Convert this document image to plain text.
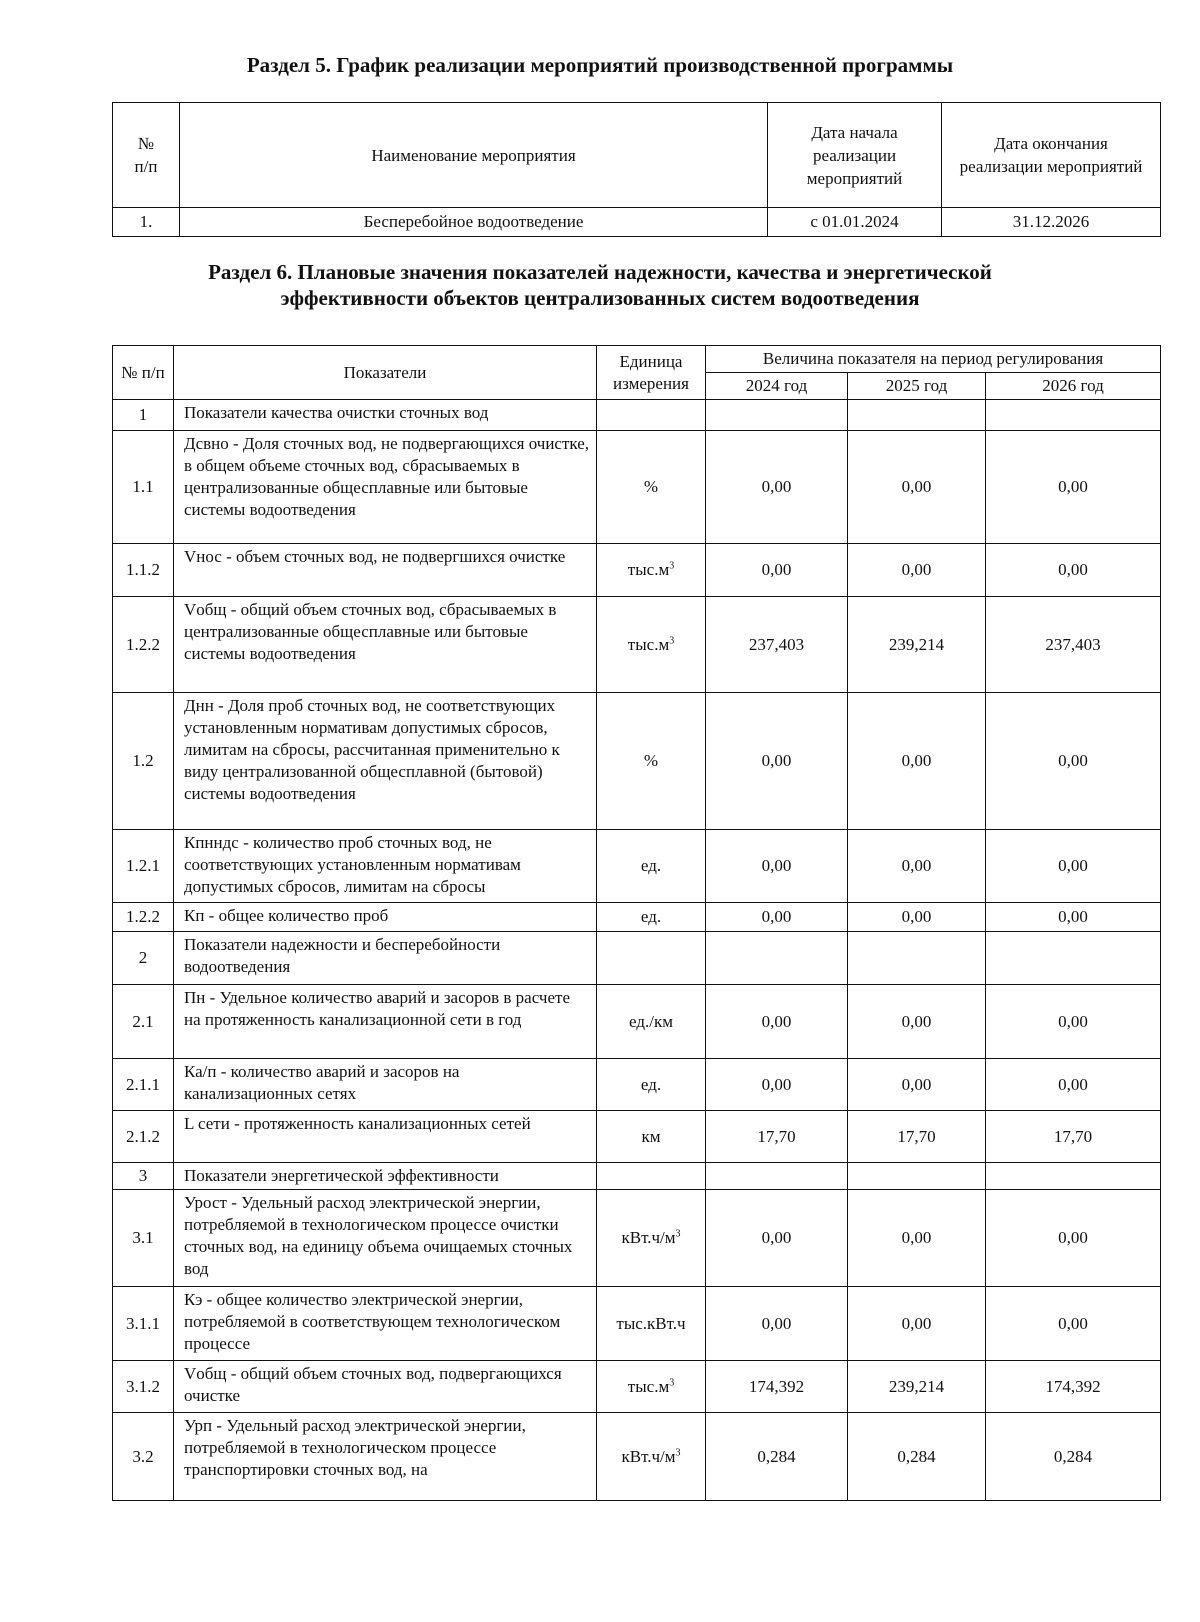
Раздел 5. График реализации мероприятий производственной программы
№ п/п	Наименование мероприятия	Дата начала реализации мероприятий	Дата окончания реализации мероприятий
1.	Бесперебойное водоотведение	с 01.01.2024	31.12.2026
Раздел 6. Плановые значения показателей надежности, качества и энергетической
эффективности объектов централизованных систем водоотведения
№ п/п	Показатели	Единица измерения	Величина показателя на период регулирования		
			2024 год	2025 год	2026 год
1	Показатели качества очистки сточных вод				
1.1	Дсвно - Доля сточных вод, не подвергающихся очистке, в общем объеме сточных вод, сбрасываемых в централизованные общесплавные или бытовые системы водоотведения	%	0,00	0,00	0,00
1.1.2	Vнос - объем сточных вод, не подвергшихся очистке	$тыс.м^3$	0,00	0,00	0,00
1.2.2	Vобщ - общий объем сточных вод, сбрасываемых в централизованные общесплавные или бытовые системы водоотведения	$тыс.м^3$	237,403	239,214	237,403
1.2	Днн - Доля проб сточных вод, не соответствующих установленным нормативам допустимых сбросов, лимитам на сбросы, рассчитанная применительно к виду централизованной общесплавной (бытовой) системы водоотведения	%	0,00	0,00	0,00
1.2.1	Кпнндс - количество проб сточных вод, не соответствующих установленным нормативам допустимых сбросов, лимитам на сбросы	ед.	0,00	0,00	0,00
1.2.2	Кп - общее количество проб	ед.	0,00	0,00	0,00
2	Показатели надежности и бесперебойности водоотведения				
2.1	Пн - Удельное количество аварий и засоров в расчете на протяженность канализационной сети в год	ед./км	0,00	0,00	0,00
2.1.1	Ка/п - количество аварий и засоров на канализационных сетях	ед.	0,00	0,00	0,00
2.1.2	L сети - протяженность канализационных сетей	км	17,70	17,70	17,70
3	Показатели энергетической эффективности				
3.1	Урост - Удельный расход электрической энергии, потребляемой в технологическом процессе очистки сточных вод, на единицу объема очищаемых сточных вод	$кВт.ч/м^3$	0,00	0,00	0,00
3.1.1	Кэ - общее количество электрической энергии, потребляемой в соответствующем технологическом процессе	тыс.кВт.ч	0,00	0,00	0,00
3.1.2	Vобщ - общий объем сточных вод, подвергающихся очистке	$тыс.м^3$	174,392	239,214	174,392
3.2	Урп - Удельный расход электрической энергии, потребляемой в технологическом процессе транспортировки сточных вод, на	$кВт.ч/м^3$	0,284	0,284	0,284
